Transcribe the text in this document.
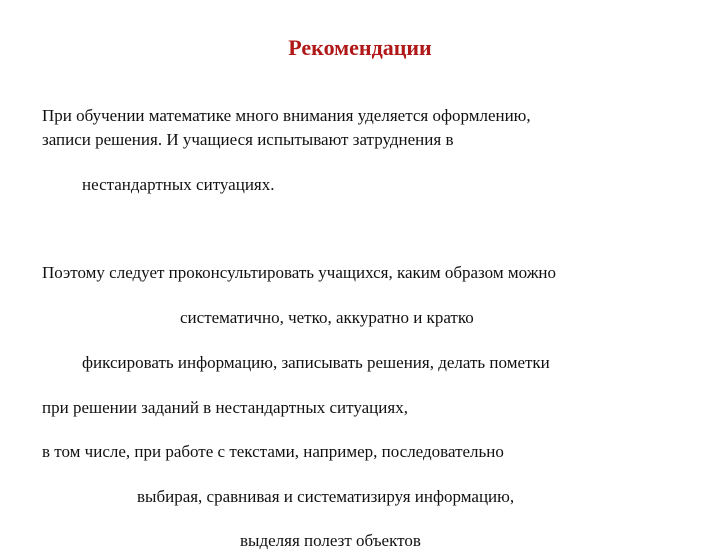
Рекомендации
При обучении математике много внимания уделяется оформлению,
записи решения. И учащиеся испытывают затруднения в
нестандартных ситуациях.
Поэтому следует проконсультировать учащихся, каким образом можно
систематично, четко, аккуратно и кратко
фиксировать информацию, записывать решения, делать пометки
при решении заданий в нестандартных ситуациях,
в том числе, при работе с текстами, например, последовательно
выбирая, сравнивая и систематизируя информацию,
выделяя полезт объектов
